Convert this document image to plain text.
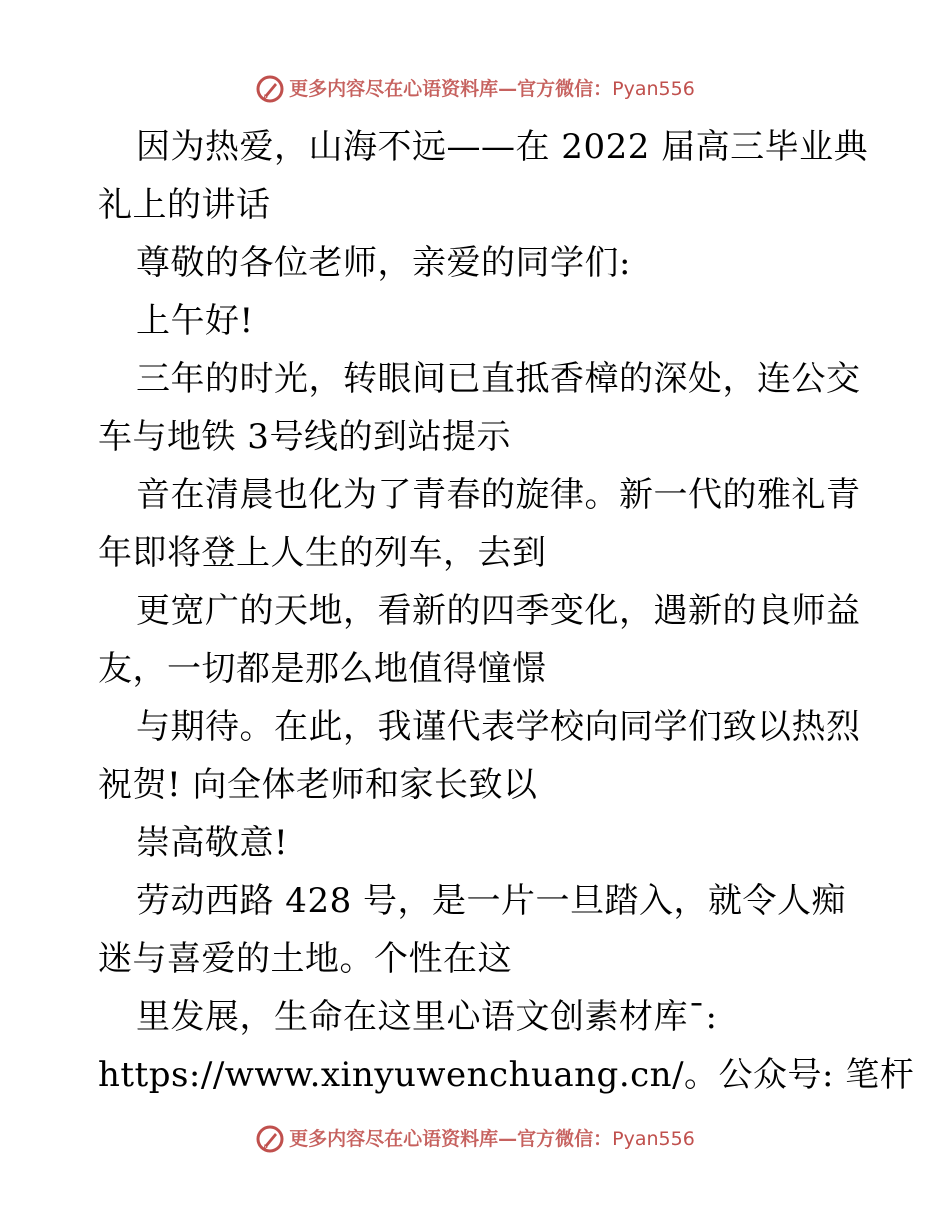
更多内容尽在心语资料库—官方微信：Pyan556
因为热爱，山海不远——在 2022 届高三毕业典
礼上的讲话
尊敬的各位老师，亲爱的同学们:
上午好!
三年的时光，转眼间已直抵香樟的深处，连公交
车与地铁 3号线的到站提示
音在清晨也化为了青春的旋律。新一代的雅礼青
年即将登上人生的列车，去到
更宽广的天地，看新的四季变化，遇新的良师益
友，一切都是那么地值得憧憬
与期待。在此，我谨代表学校向同学们致以热烈
祝贺! 向全体老师和家长致以
崇高敬意!
劳动西路 428 号，是一片一旦踏入，就令人痴
迷与喜爱的土地。个性在这
里发展，生命在这里心语文创素材库¯:
https://www.xinyuwenchuang.cn/。公众号: 笔杆
更多内容尽在心语资料库—官方微信：Pyan556
